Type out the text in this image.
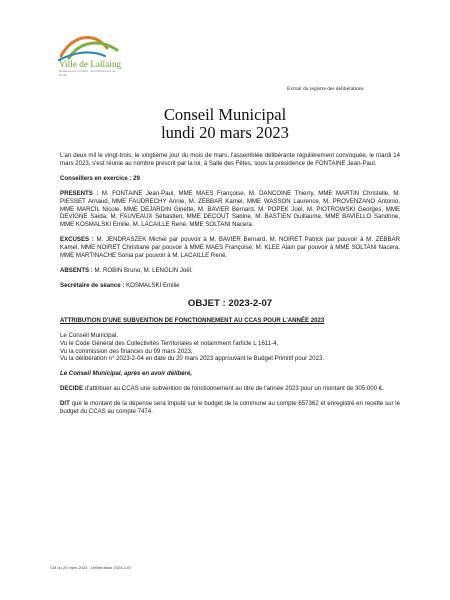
Ville de Lallaing
Département du Nord · Arrondissement de Douai
Extrait du registre des délibérations
Conseil Municipal
lundi 20 mars 2023

L'an deux mil le vingt-trois, le vingtième jour du mois de mars, l'assemblée délibérante régulièrement convoquée, le mardi 14 mars 2023, s'est réunie au nombre prescrit par la loi, à Salle des Fêtes, sous la présidence de FONTAINE Jean-Paul.

Conseillers en exercice : 29

PRESENTS : M. FONTAINE Jean-Paul, MME MAES Françoise, M. DANCOINE Thierry, MME MARTIN Christelle, M. PIESSET Arnaud, MME FAUDRECHY Annie, M. ZEBBAR Kamel, MME WASSON Laurence, M. PROVENZANO Antonio, MME MARCIL Nicole, MME DEJARDIN Ginette, M. BAVIER Bernard, M. POPEK Joël, M. PIOTROWSKI Georges, MME DEVIGNE Saïda, M. FAUVEAUX Sébastien, MME DECOUT Sabine, M. BASTIEN Guillaume, MME BAVIELLO Sandrine, MME KOSMALSKI Emilie, M. LACAILLE René, MME SOLTANI Nacera.

EXCUSES : M. JENDRASZEK Michel par pouvoir à M. BAVIER Bernard, M. NOIRET Patrick par pouvoir à M. ZEBBAR Kamel, MME NOIRET Christiane par pouvoir à MME MAES Françoise, M. KLEE Alain par pouvoir à MME SOLTANI Nacera, MME MARTINACHE Sonia par pouvoir à M. LACAILLE René.

ABSENTS : M. ROBIN Bruno, M. LENGLIN Joël.

Secrétaire de séance : KOSMALSKI Emilie

OBJET : 2023-2-07

ATTRIBUTION D'UNE SUBVENTION DE FONCTIONNEMENT AU CCAS POUR L'ANNÉE 2023

Le Conseil Municipal,
Vu le Code Général des Collectivités Territoriales et notamment l'article L 1611-4,
Vu la commission des finances du 09 mars 2023,
Vu la délibération n° 2023-2-04 en date du 20 mars 2023 approuvant le Budget Primitif pour 2023.

Le Conseil Municipal, après en avoir délibéré,

DECIDE d'attribuer au CCAS une subvention de fonctionnement au titre de l'année 2023 pour un montant de 305 000 €.

DIT que le montant de la dépense sera imputé sur le budget de la commune au compte 657362 et enregistré en recette sur le budget du CCAS au compte 7474.

CM du 20 mars 2023 - Délibération 2023-2-07
